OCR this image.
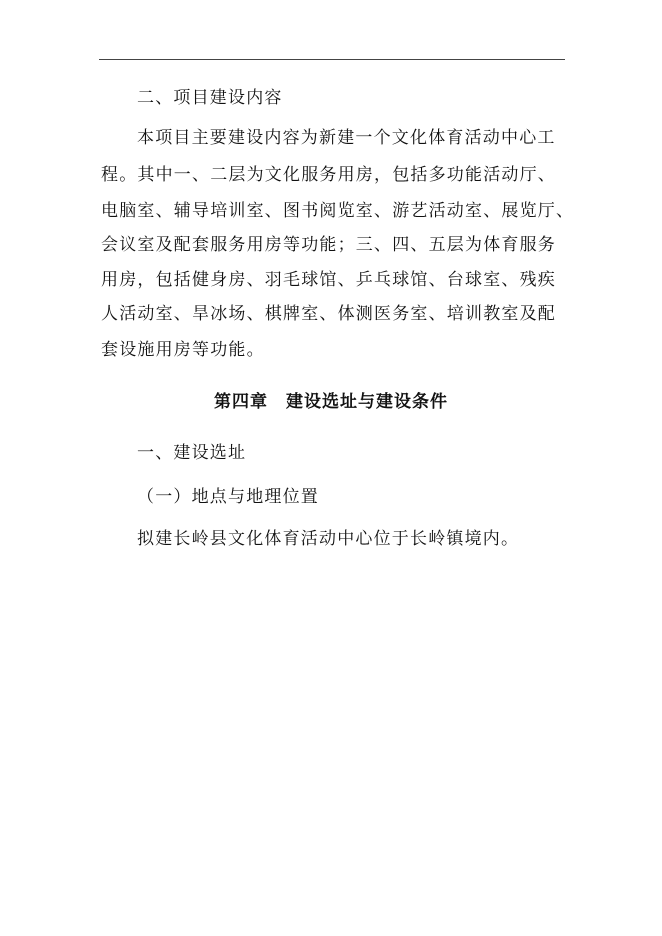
二、项目建设内容
本项目主要建设内容为新建一个文化体育活动中心工
程。其中一、二层为文化服务用房，包括多功能活动厅、
电脑室、辅导培训室、图书阅览室、游艺活动室、展览厅、
会议室及配套服务用房等功能；三、四、五层为体育服务
用房，包括健身房、羽毛球馆、乒乓球馆、台球室、残疾
人活动室、旱冰场、棋牌室、体测医务室、培训教室及配
套设施用房等功能。
第四章 建设选址与建设条件
一、建设选址
（一）地点与地理位置
拟建长岭县文化体育活动中心位于长岭镇境内。
